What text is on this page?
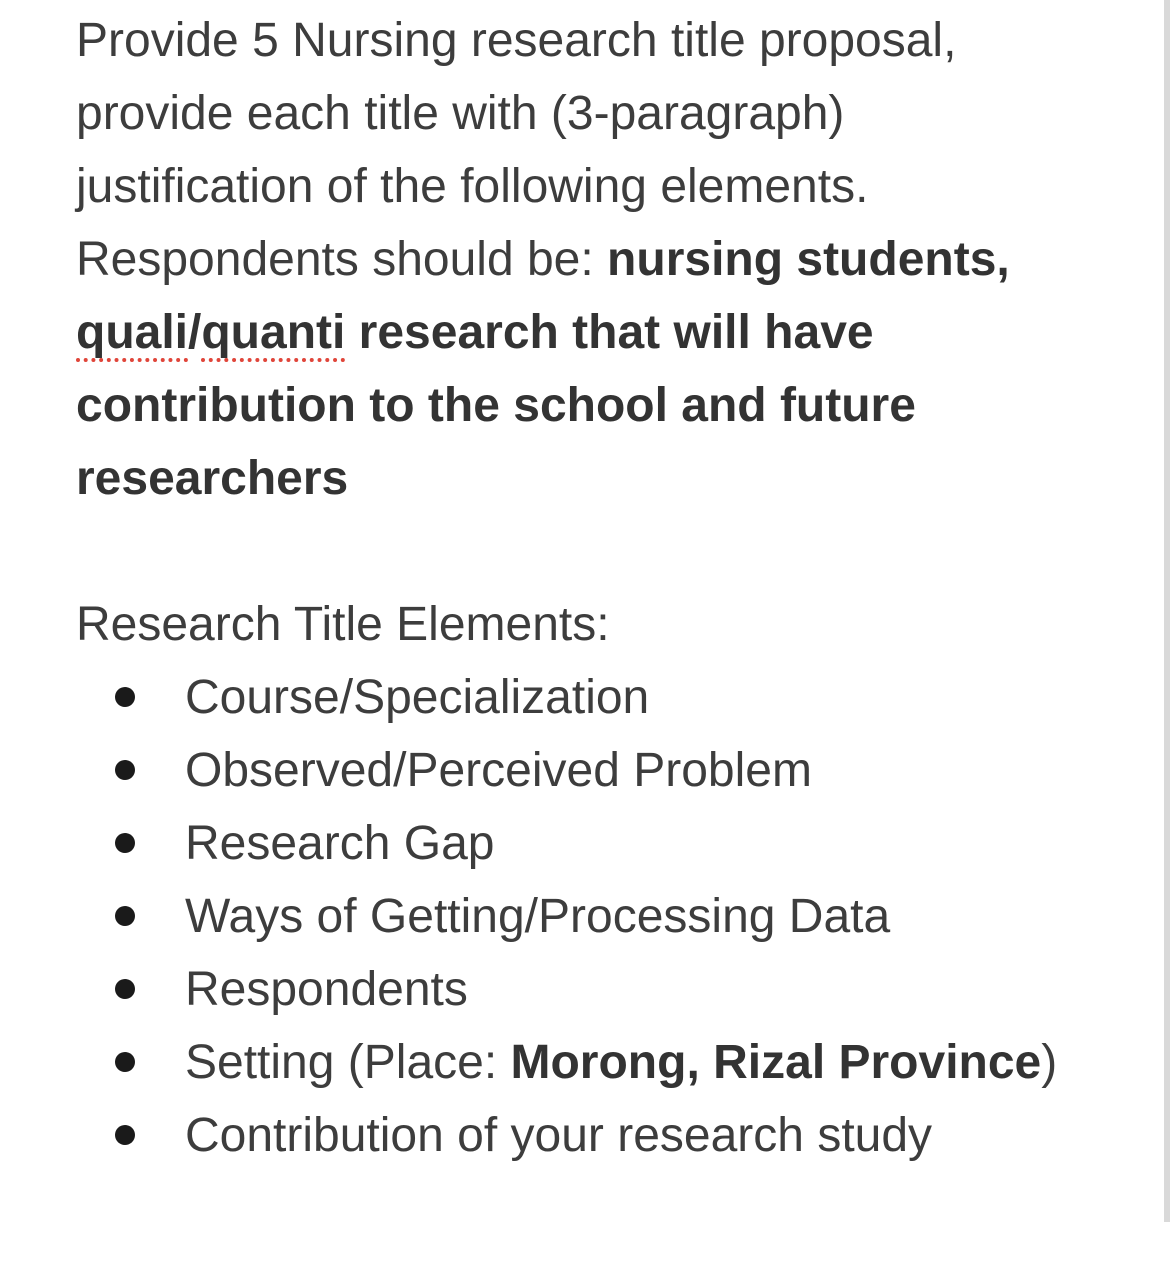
Provide 5 Nursing research title proposal,
provide each title with (3-paragraph)
justification of the following elements.
Respondents should be: nursing students,
quali/quanti research that will have
contribution to the school and future
researchers

Research Title Elements:

Course/Specialization
Observed/Perceived Problem
Research Gap
Ways of Getting/Processing Data
Respondents
Setting (Place: Morong, Rizal Province)
Contribution of your research study
